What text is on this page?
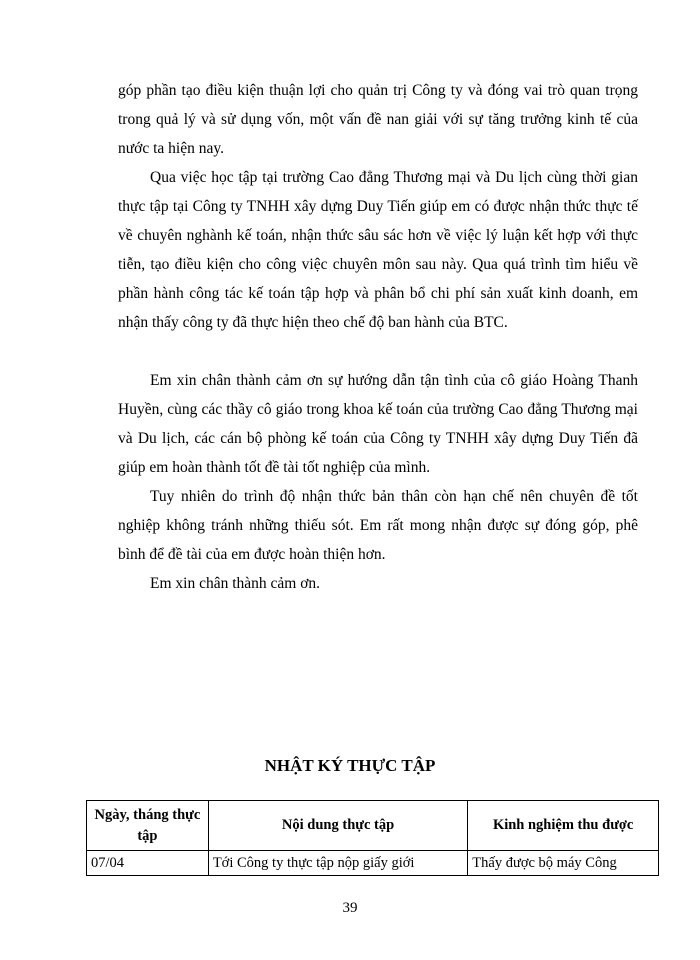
góp phần tạo điều kiện thuận lợi cho quản trị Công ty và đóng vai trò quan trọng trong quả lý và sử dụng vốn, một vấn đề nan giải với sự tăng trưởng kinh tế của nước ta hiện nay.

Qua việc học tập tại trường Cao đẳng Thương mại và Du lịch cùng thời gian thực tập tại Công ty TNHH xây dựng Duy Tiến giúp em có được nhận thức thực tế về chuyên nghành kế toán, nhận thức sâu sác hơn về việc lý luận kết hợp với thực tiễn, tạo điều kiện cho công việc chuyên môn sau này. Qua quá trình tìm hiểu về phần hành công tác kế toán tập hợp và phân bổ chi phí sản xuất kinh doanh, em nhận thấy công ty đã thực hiện theo chế độ ban hành của BTC.

Em xin chân thành cảm ơn sự hướng dẫn tận tình của cô giáo Hoàng Thanh Huyền, cùng các thầy cô giáo trong khoa kế toán của trường Cao đẳng Thương mại và Du lịch, các cán bộ phòng kế toán của Công ty TNHH xây dựng Duy Tiến đã giúp em hoàn thành tốt đề tài tốt nghiệp của mình.

Tuy nhiên do trình độ nhận thức bản thân còn hạn chế nên chuyên đề tốt nghiệp không tránh những thiếu sót. Em rất mong nhận được sự đóng góp, phê bình để đề tài của em được hoàn thiện hơn.

Em xin chân thành cảm ơn.

NHẬT KÝ THỰC TẬP
Ngày, tháng thực tập	Nội dung thực tập	Kinh nghiệm thu được
07/04	Tới Công ty thực tập nộp giấy giới	Thấy được bộ máy Công
39
